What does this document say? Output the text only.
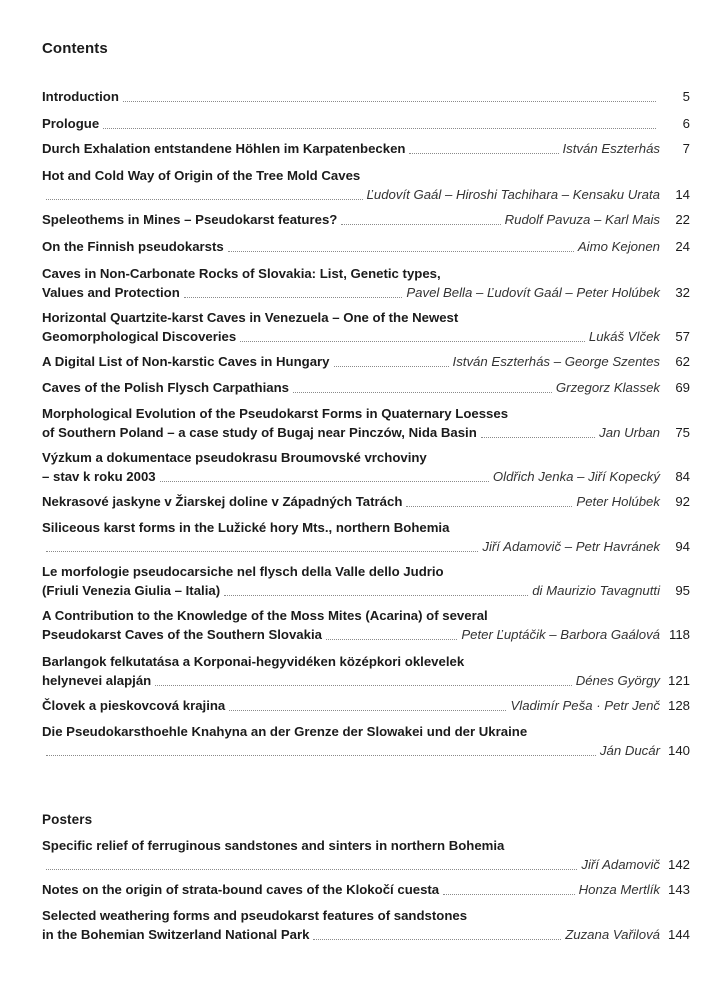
Contents
Introduction	5
Prologue	6
Durch Exhalation entstandene Höhlen im Karpatenbecken	István Eszterhás	7
Hot and Cold Way of Origin of the Tree Mold Caves
Ľudovít Gaál – Hiroshi Tachihara – Kensaku Urata	14
Speleothems in Mines – Pseudokarst features?	Rudolf Pavuza – Karl Mais	22
On the Finnish pseudokarsts	Aimo Kejonen	24
Caves in Non-Carbonate Rocks of Slovakia: List, Genetic types,
Values and Protection	Pavel Bella – Ľudovít Gaál – Peter Holúbek	32
Horizontal Quartzite-karst Caves in Venezuela – One of the Newest
Geomorphological Discoveries	Lukáš Vlček	57
A Digital List of Non-karstic Caves in Hungary	István Eszterhás – George Szentes	62
Caves of the Polish Flysch Carpathians	Grzegorz Klassek	69
Morphological Evolution of the Pseudokarst Forms in Quaternary Loesses
of Southern Poland – a case study of Bugaj near Pinczów, Nida Basin	Jan Urban	75
Výzkum a dokumentace pseudokrasu Broumovské vrchoviny
– stav k roku 2003	Oldřich Jenka – Jiří Kopecký	84
Nekrasové jaskyne v Žiarskej doline v Západných Tatrách	Peter Holúbek	92
Siliceous karst forms in the Lužické hory Mts., northern Bohemia
Jiří Adamovič – Petr Havránek	94
Le morfologie pseudocarsiche nel flysch della Valle dello Judrio
(Friuli Venezia Giulia – Italia)	di Maurizio Tavagnutti	95
A Contribution to the Knowledge of the Moss Mites (Acarina) of several
Pseudokarst Caves of the Southern Slovakia	Peter Ľuptáčik – Barbora Gaálová 118
Barlangok felkutatása a Korponai-hegyvidéken középkori oklevelek
helynevei alapján	Dénes György 121
Človek a pieskovcová krajina	Vladimír Peša · Petr Jenč 128
Die Pseudokarsthoehle Knahyna an der Grenze der Slowakei und der Ukraine
Ján Ducár 140
Posters
Specific relief of ferruginous sandstones and sinters in northern Bohemia
Jiří Adamovič 142
Notes on the origin of strata-bound caves of the Klokočí cuesta	Honza Mertlík 143
Selected weathering forms and pseudokarst features of sandstones
in the Bohemian Switzerland National Park	Zuzana Vařilová 144
